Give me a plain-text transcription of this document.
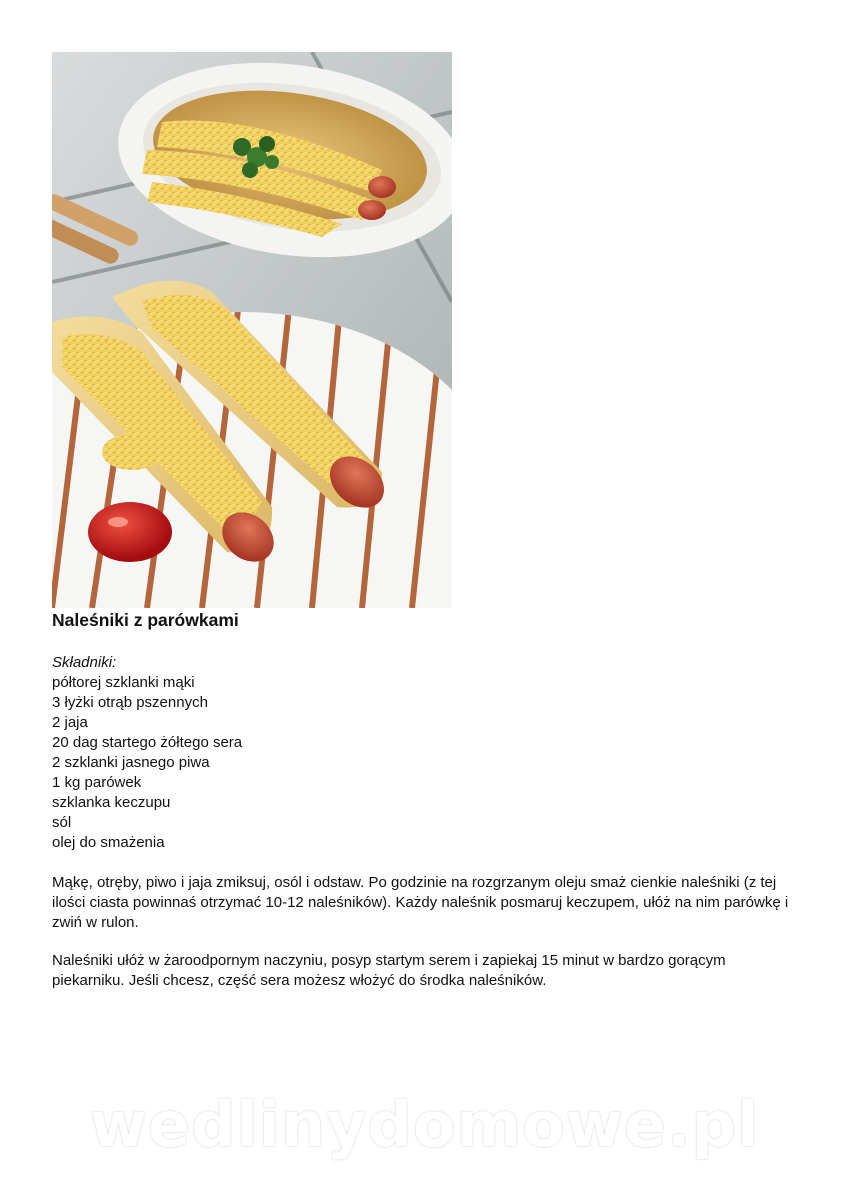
Naleśniki z parówkami
Składniki:
półtorej szklanki mąki
3 łyżki otrąb pszennych
2 jaja
20 dag startego żółtego sera
2 szklanki jasnego piwa
1 kg parówek
szklanka keczupu
sól
olej do smażenia

Mąkę, otręby, piwo i jaja zmiksuj, osól i odstaw. Po godzinie na rozgrzanym oleju smaż cienkie naleśniki (z tej ilości ciasta powinnaś otrzymać 10-12 naleśników). Każdy naleśnik posmaruj keczupem, ułóż na nim parówkę i zwiń w rulon.

Naleśniki ułóż w żaroodpornym naczyniu, posyp startym serem i zapiekaj 15 minut w bardzo gorącym piekarniku. Jeśli chcesz, część sera możesz włożyć do środka naleśników.

wedlinydomowe.pl
